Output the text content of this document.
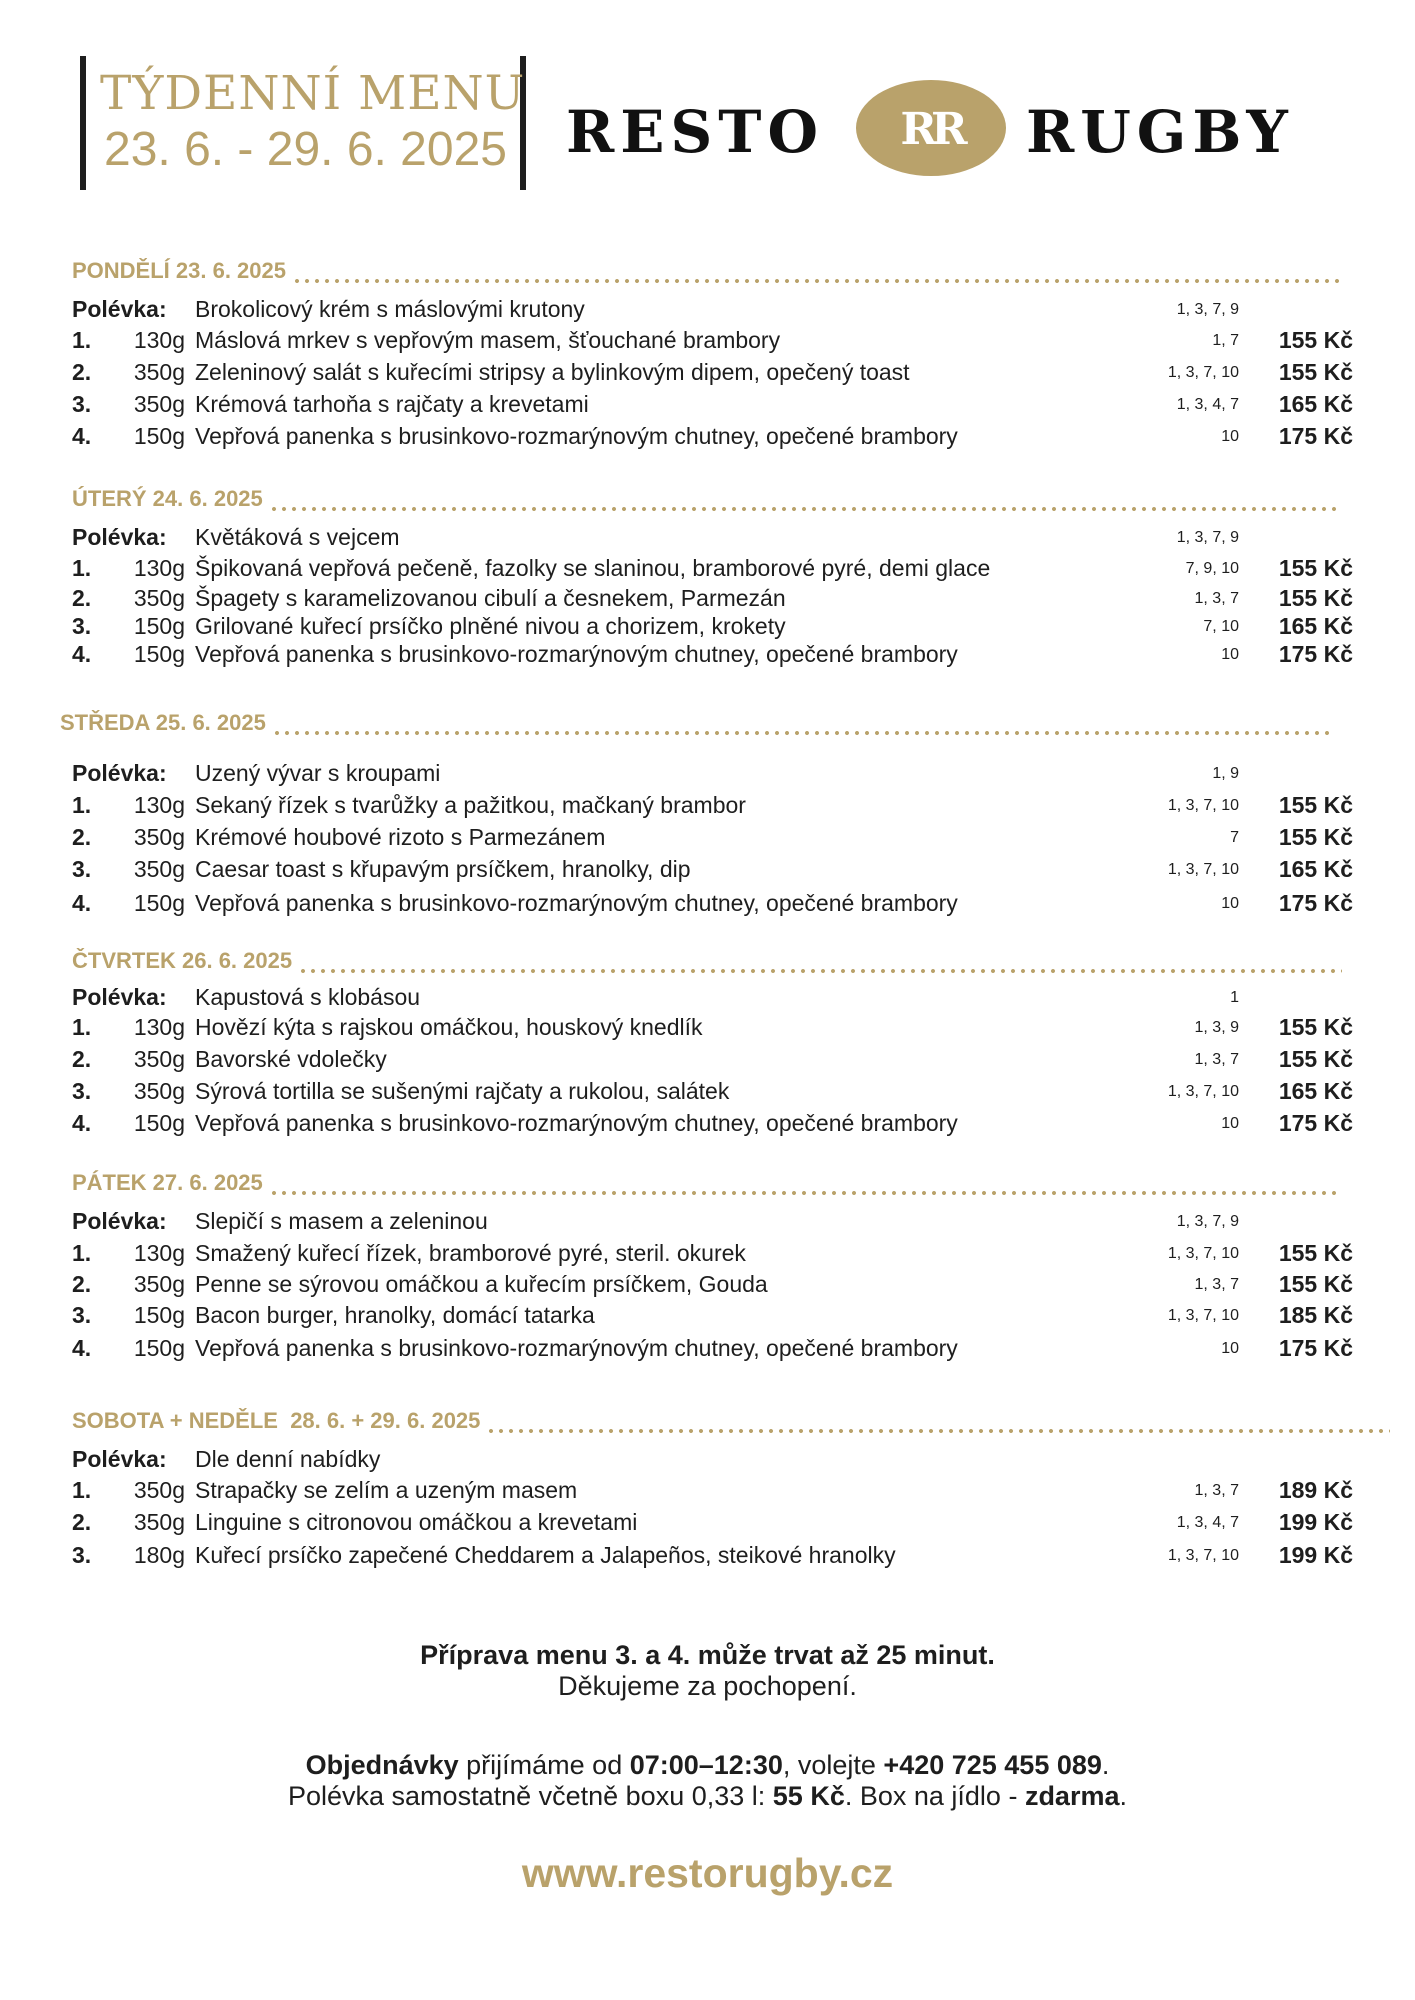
TÝDENNÍ MENU
23. 6. - 29. 6. 2025 RESTO RR RUGBY
PONDĚLÍ 23. 6. 2025
Polévka: Brokolicový krém s máslovými krutony	1, 3, 7, 9
1. 130g Máslová mrkev s vepřovým masem, šťouchané brambory	1, 7 155 Kč
2. 350g Zeleninový salát s kuřecími stripsy a bylinkovým dipem, opečený toast	1, 3, 7, 10 155 Kč
3. 350g Krémová tarhoňa s rajčaty a krevetami	1, 3, 4, 7 165 Kč
4. 150g Vepřová panenka s brusinkovo-rozmarýnovým chutney, opečené brambory	10 175 Kč
ÚTERÝ 24. 6. 2025
Polévka: Květáková s vejcem	1, 3, 7, 9
1. 130g Špikovaná vepřová pečeně, fazolky se slaninou, bramborové pyré, demi glace	7, 9, 10 155 Kč
2. 350g Špagety s karamelizovanou cibulí a česnekem, Parmezán	1, 3, 7 155 Kč
3. 150g Grilované kuřecí prsíčko plněné nivou a chorizem, krokety	7, 10 165 Kč
4. 150g Vepřová panenka s brusinkovo-rozmarýnovým chutney, opečené brambory	10 175 Kč
STŘEDA 25. 6. 2025
Polévka: Uzený vývar s kroupami	1, 9
1. 130g Sekaný řízek s tvarůžky a pažitkou, mačkaný brambor	1, 3, 7, 10 155 Kč
2. 350g Krémové houbové rizoto s Parmezánem	7 155 Kč
3. 350g Caesar toast s křupavým prsíčkem, hranolky, dip	1, 3, 7, 10 165 Kč
4. 150g Vepřová panenka s brusinkovo-rozmarýnovým chutney, opečené brambory	10 175 Kč
ČTVRTEK 26. 6. 2025
Polévka: Kapustová s klobásou	1
1. 130g Hovězí kýta s rajskou omáčkou, houskový knedlík	1, 3, 9 155 Kč
2. 350g Bavorské vdolečky	1, 3, 7 155 Kč
3. 350g Sýrová tortilla se sušenými rajčaty a rukolou, salátek	1, 3, 7, 10 165 Kč
4. 150g Vepřová panenka s brusinkovo-rozmarýnovým chutney, opečené brambory	10 175 Kč
PÁTEK 27. 6. 2025
Polévka: Slepičí s masem a zeleninou	1, 3, 7, 9
1. 130g Smažený kuřecí řízek, bramborové pyré, steril. okurek	1, 3, 7, 10 155 Kč
2. 350g Penne se sýrovou omáčkou a kuřecím prsíčkem, Gouda	1, 3, 7 155 Kč
3. 150g Bacon burger, hranolky, domácí tatarka	1, 3, 7, 10 185 Kč
4. 150g Vepřová panenka s brusinkovo-rozmarýnovým chutney, opečené brambory	10 175 Kč
SOBOTA + NEDĚLE  28. 6. + 29. 6. 2025
Polévka: Dle denní nabídky
1. 350g Strapačky se zelím a uzeným masem	1, 3, 7 189 Kč
2. 350g Linguine s citronovou omáčkou a krevetami	1, 3, 4, 7 199 Kč
3. 180g Kuřecí prsíčko zapečené Cheddarem a Jalapeños, steikové hranolky	1, 3, 7, 10 199 Kč
Příprava menu 3. a 4. může trvat až 25 minut.
Děkujeme za pochopení.
Objednávky přijímáme od 07:00–12:30, volejte +420 725 455 089.
Polévka samostatně včetně boxu 0,33 l: 55 Kč. Box na jídlo - zdarma.
www.restorugby.cz
